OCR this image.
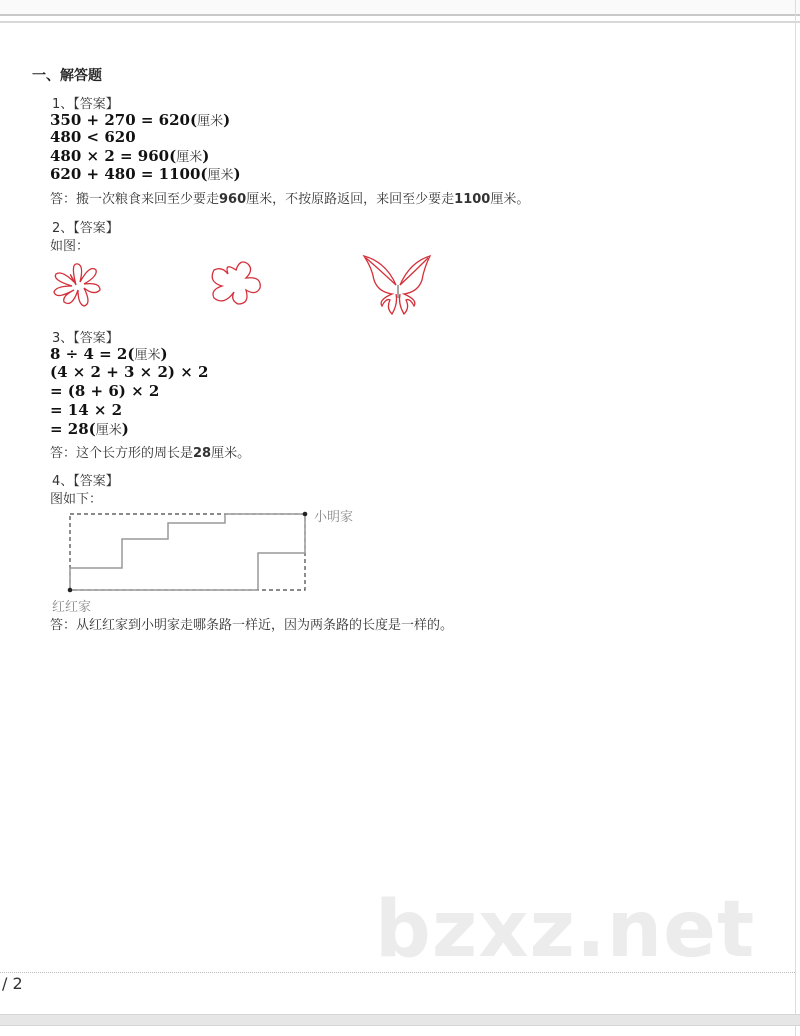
一、解答题
1、【答案】
350 + 270 = 620(厘米)
480 < 620
480 × 2 = 960(厘米)
620 + 480 = 1100(厘米)
答：搬一次粮食来回至少要走960厘米，不按原路返回，来回至少要走1100厘米。
2、【答案】
如图：
3、【答案】
8 ÷ 4 = 2(厘米)
(4 × 2 + 3 × 2) × 2
= (8 + 6) × 2
= 14 × 2
= 28(厘米)
答：这个长方形的周长是28厘米。
4、【答案】
图如下：
小明家
红红家
答：从红红家到小明家走哪条路一样近，因为两条路的长度是一样的。
bzxz.net
/ 2
